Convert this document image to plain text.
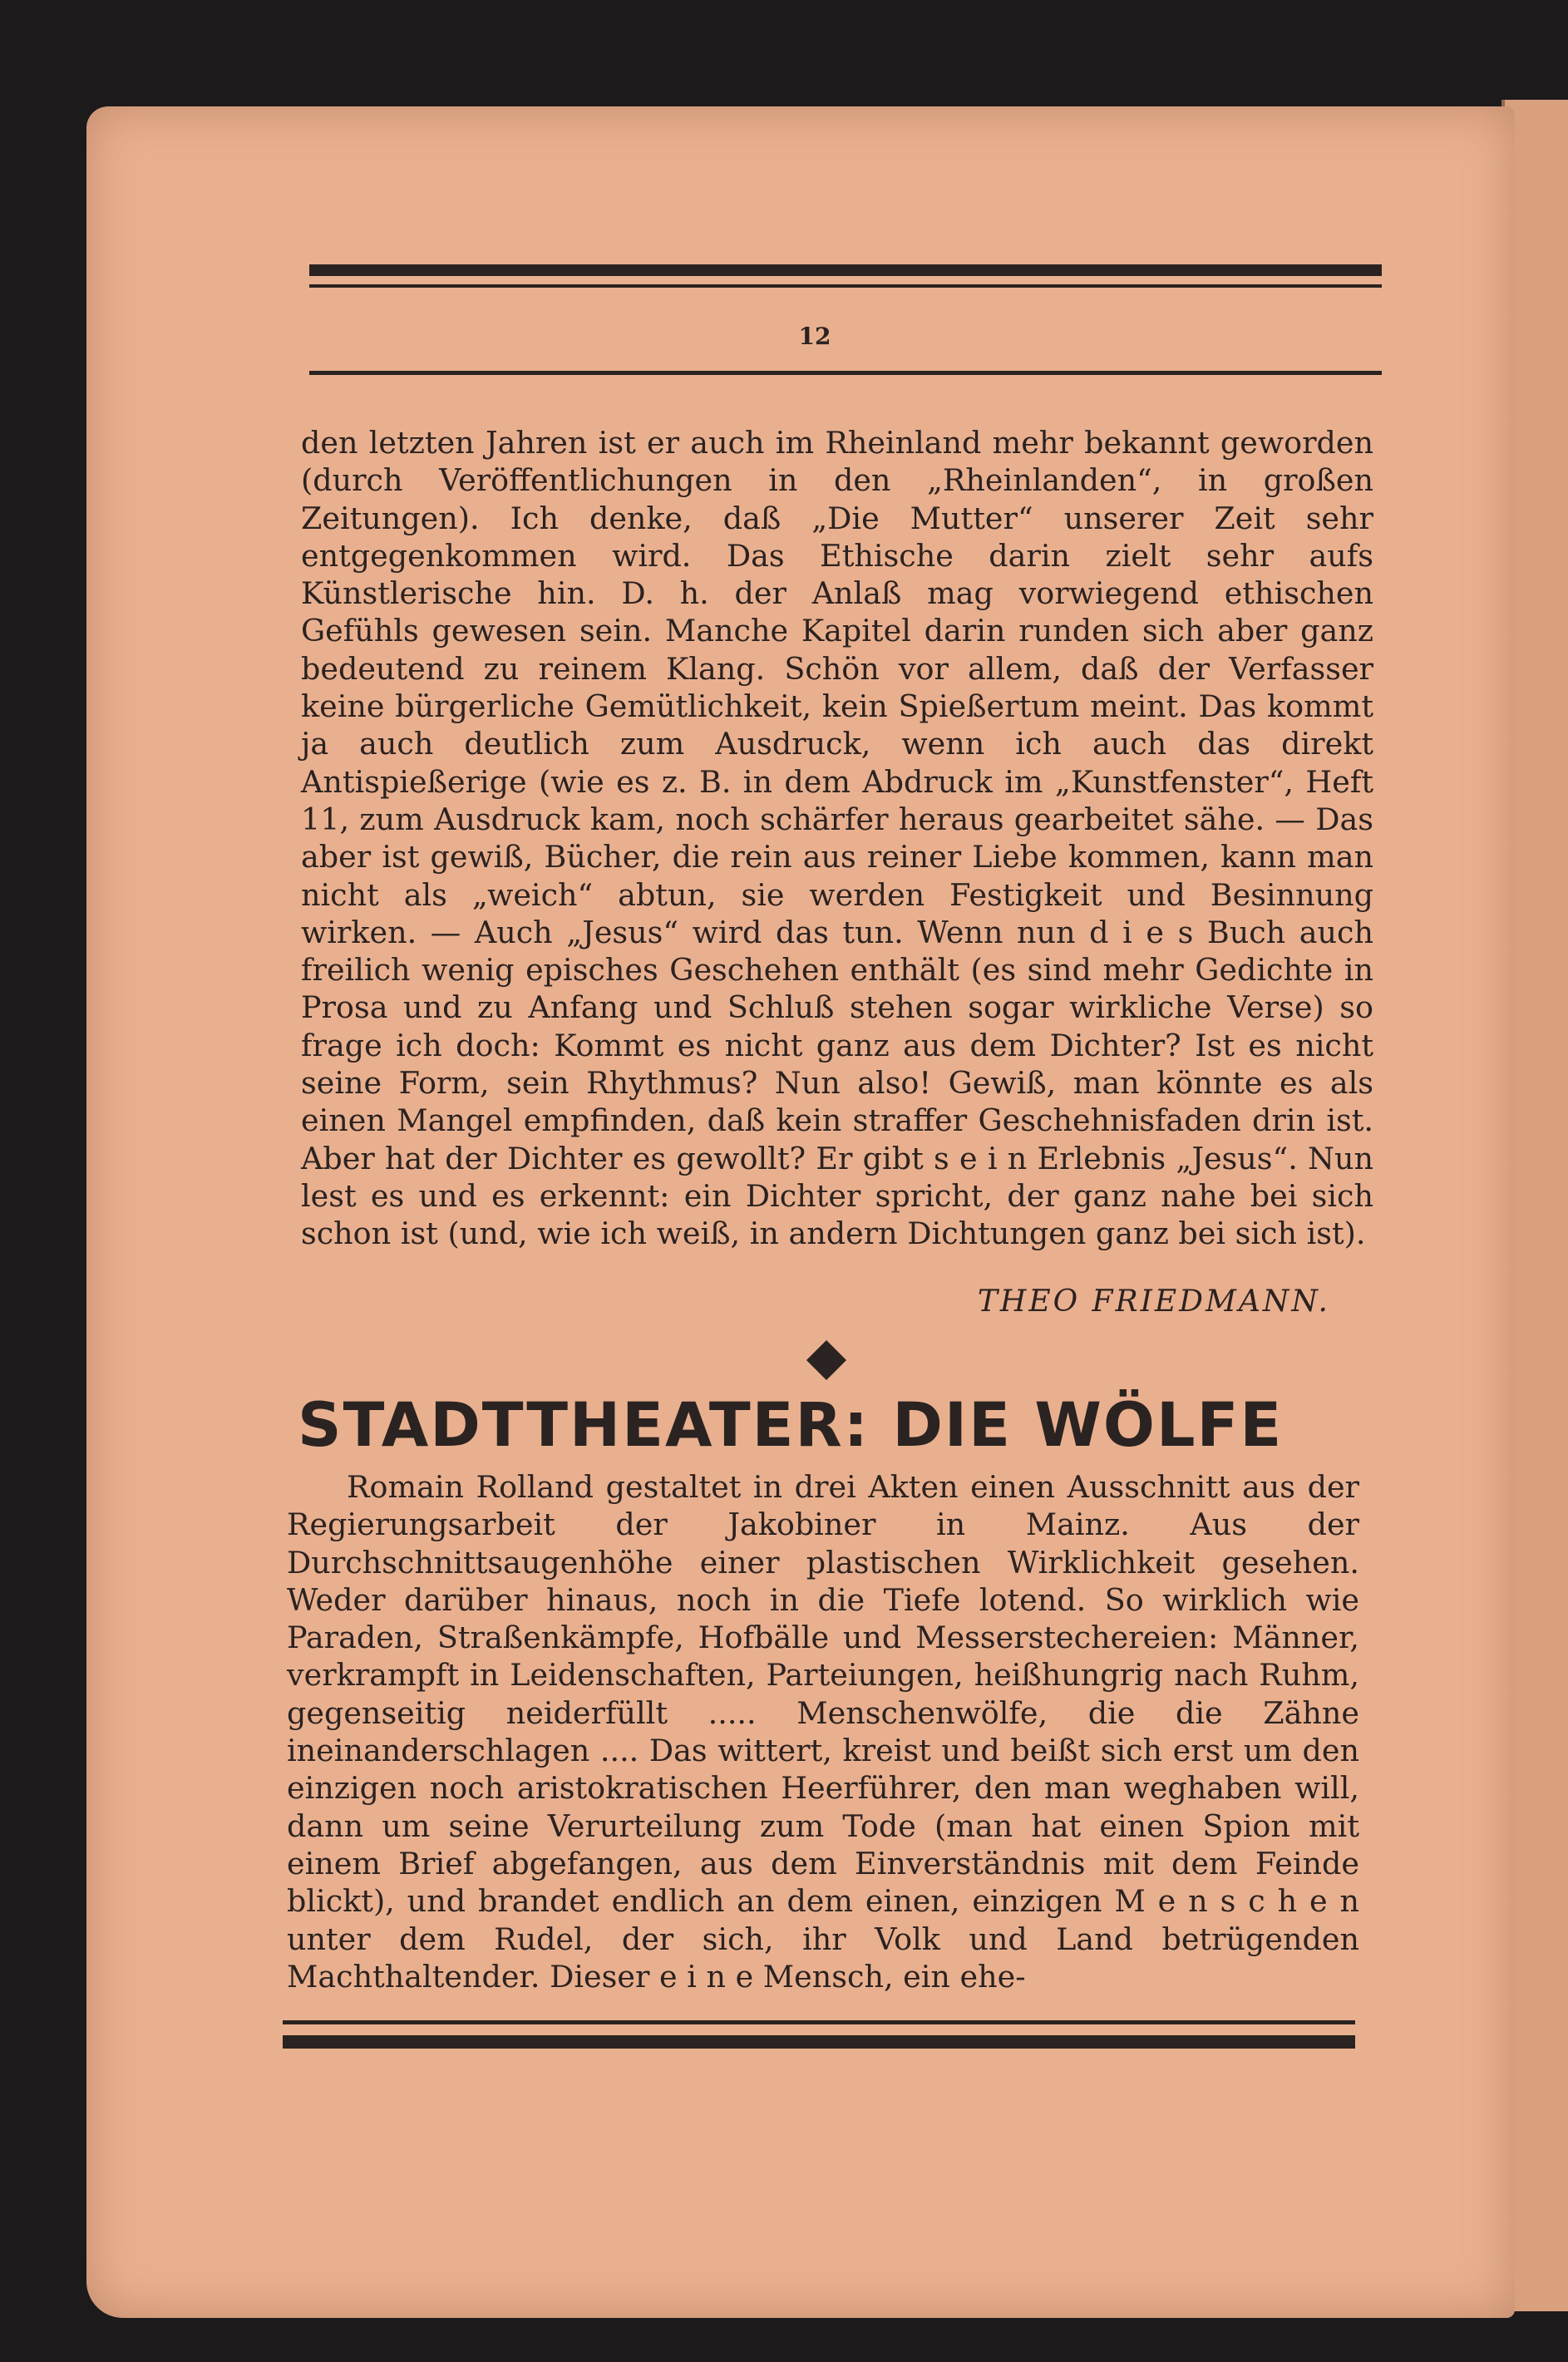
12

den letzten Jahren ist er auch im Rheinland mehr bekannt geworden (durch Veröffentlichungen in den „Rheinlanden“, in großen Zeitungen). Ich denke, daß „Die Mutter“ unserer Zeit sehr entgegenkommen wird. Das Ethische darin zielt sehr aufs Künstlerische hin. D. h. der Anlaß mag vorwiegend ethischen Gefühls gewesen sein. Manche Kapitel darin runden sich aber ganz bedeutend zu reinem Klang. Schön vor allem, daß der Verfasser keine bürgerliche Gemütlichkeit, kein Spießertum meint. Das kommt ja auch deutlich zum Ausdruck, wenn ich auch das direkt Antispießerige (wie es z. B. in dem Abdruck im „Kunstfenster“, Heft 11, zum Ausdruck kam, noch schärfer heraus gearbeitet sähe. — Das aber ist gewiß, Bücher, die rein aus reiner Liebe kommen, kann man nicht als „weich“ abtun, sie werden Festigkeit und Besinnung wirken. — Auch „Jesus“ wird das tun. Wenn nun d i e s Buch auch freilich wenig episches Geschehen enthält (es sind mehr Gedichte in Prosa und zu Anfang und Schluß stehen sogar wirkliche Verse) so frage ich doch: Kommt es nicht ganz aus dem Dichter? Ist es nicht seine Form, sein Rhythmus? Nun also! Gewiß, man könnte es als einen Mangel empfinden, daß kein straffer Geschehnisfaden drin ist. Aber hat der Dichter es gewollt? Er gibt s e i n Erlebnis „Jesus“. Nun lest es und es erkennt: ein Dichter spricht, der ganz nahe bei sich schon ist (und, wie ich weiß, in andern Dichtungen ganz bei sich ist).

THEO FRIEDMANN.
STADTTHEATER: DIE WÖLFE

Romain Rolland gestaltet in drei Akten einen Ausschnitt aus der Regierungsarbeit der Jakobiner in Mainz. Aus der Durchschnittsaugenhöhe einer plastischen Wirklichkeit gesehen. Weder darüber hinaus, noch in die Tiefe lotend. So wirklich wie Paraden, Straßenkämpfe, Hofbälle und Messerstechereien: Männer, verkrampft in Leidenschaften, Parteiungen, heißhungrig nach Ruhm, gegenseitig neiderfüllt ..... Menschenwölfe, die die Zähne ineinanderschlagen .... Das wittert, kreist und beißt sich erst um den einzigen noch aristokratischen Heerführer, den man weghaben will, dann um seine Verurteilung zum Tode (man hat einen Spion mit einem Brief abgefangen, aus dem Einverständnis mit dem Feinde blickt), und brandet endlich an dem einen, einzigen M e n s c h e n unter dem Rudel, der sich, ihr Volk und Land betrügenden Machthaltender. Dieser e i n e Mensch, ein ehe-
